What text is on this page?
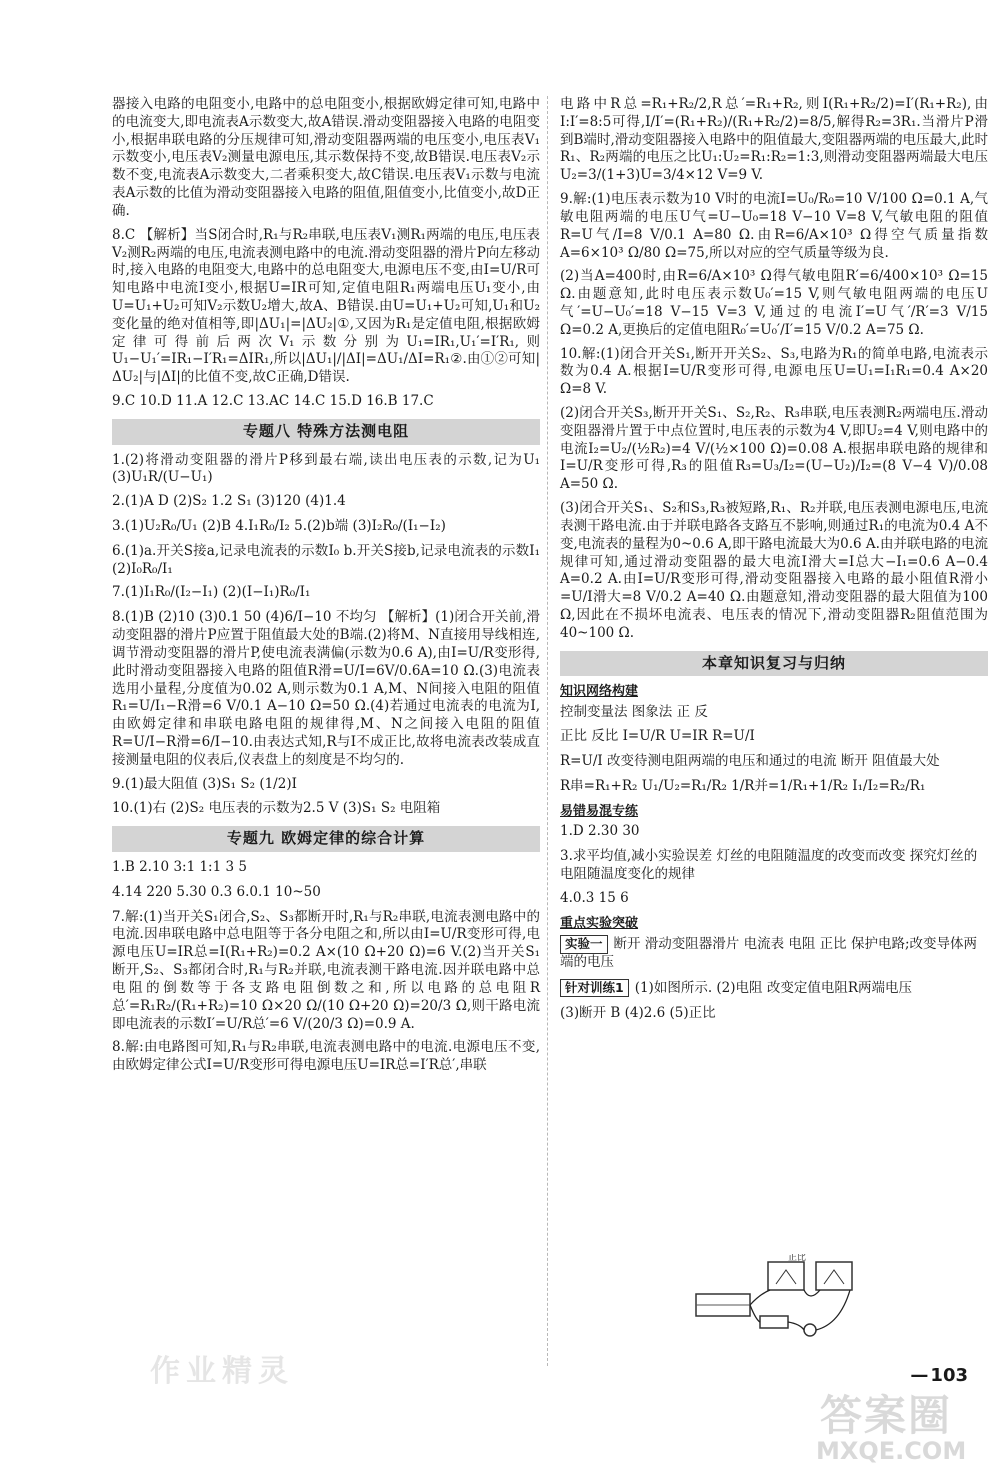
器接入电路的电阻变小,电路中的总电阻变小,根据欧姆定律可知,电路中的电流变大,即电流表A示数变大,故A错误.滑动变阻器接入电路的电阻变小,根据串联电路的分压规律可知,滑动变阻器两端的电压变小,电压表V₁示数变小,电压表V₂测量电源电压,其示数保持不变,故B错误.电压表V₂示数不变,电流表A示数变大,二者乘积变大,故C错误.电压表V₁示数与电流表A示数的比值为滑动变阻器接入电路的阻值,阻值变小,比值变小,故D正确.

8.C 【解析】当S闭合时,R₁与R₂串联,电压表V₁测R₁两端的电压,电压表V₂测R₂两端的电压,电流表测电路中的电流.滑动变阻器的滑片P向左移动时,接入电路的电阻变大,电路中的总电阻变大,电源电压不变,由I=U/R可知电路中电流I变小,根据U=IR可知,定值电阻R₁两端电压U₁变小,由U=U₁+U₂可知V₂示数U₂增大,故A、B错误.由U=U₁+U₂可知,U₁和U₂变化量的绝对值相等,即|ΔU₁|=|ΔU₂|①,又因为R₁是定值电阻,根据欧姆定律可得前后两次V₁示数分别为U₁=IR₁,U₁′=I′R₁,则U₁−U₁′=IR₁−I′R₁=ΔIR₁,所以|ΔU₁|/|ΔI|=ΔU₁/ΔI=R₁②.由①②可知|ΔU₂|与|ΔI|的比值不变,故C正确,D错误.

9.C 10.D 11.A 12.C 13.AC 14.C 15.D 16.B 17.C

专题八 特殊方法测电阻

1.(2)将滑动变阻器的滑片P移到最右端,读出电压表的示数,记为U₁ (3)U₁R/(U−U₁)

2.(1)A D (2)S₂ 1.2 S₁ (3)120 (4)1.4

3.(1)U₂R₀/U₁ (2)B 4.I₁R₀/I₂ 5.(2)b端 (3)I₂R₀/(I₁−I₂)

6.(1)a.开关S接a,记录电流表的示数I₀ b.开关S接b,记录电流表的示数I₁ (2)I₀R₀/I₁

7.(1)I₁R₀/(I₂−I₁) (2)(I−I₁)R₀/I₁

8.(1)B (2)10 (3)0.1 50 (4)6/I−10 不均匀 【解析】(1)闭合开关前,滑动变阻器的滑片P应置于阻值最大处的B端.(2)将M、N直接用导线相连,调节滑动变阻器的滑片P,使电流表满偏(示数为0.6 A),由I=U/R变形得,此时滑动变阻器接入电路的阻值R滑=U/I=6V/0.6A=10 Ω.(3)电流表选用小量程,分度值为0.02 A,则示数为0.1 A,M、N间接入电阻的阻值R₁=U/I₁−R滑=6 V/0.1 A−10 Ω=50 Ω.(4)若通过电流表的电流为I,由欧姆定律和串联电路电阻的规律得,M、N之间接入电阻的阻值R=U/I−R滑=6/I−10.由表达式知,R与I不成正比,故将电流表改装成直接测量电阻的仪表后,仪表盘上的刻度是不均匀的.

9.(1)最大阻值 (3)S₁ S₂ (1/2)I

10.(1)右 (2)S₂ 电压表的示数为2.5 V (3)S₁ S₂ 电阻箱

专题九 欧姆定律的综合计算

1.B 2.10 3:1 1:1 3 5

4.14 220 5.30 0.3 6.0.1 10~50

7.解:(1)当开关S₁闭合,S₂、S₃都断开时,R₁与R₂串联,电流表测电路中的电流.因串联电路中总电阻等于各分电阻之和,所以由I=U/R变形可得,电源电压U=IR总=I(R₁+R₂)=0.2 A×(10 Ω+20 Ω)=6 V.(2)当开关S₁断开,S₂、S₃都闭合时,R₁与R₂并联,电流表测干路电流.因并联电路中总电阻的倒数等于各支路电阻倒数之和,所以电路的总电阻R总′=R₁R₂/(R₁+R₂)=10 Ω×20 Ω/(10 Ω+20 Ω)=20/3 Ω,则干路电流即电流表的示数I′=U/R总′=6 V/(20/3 Ω)=0.9 A.

8.解:由电路图可知,R₁与R₂串联,电流表测电路中的电流.电源电压不变,由欧姆定律公式I=U/R变形可得电源电压U=IR总=I′R总′,串联

电路中R总=R₁+R₂/2,R总′=R₁+R₂,则I(R₁+R₂/2)=I′(R₁+R₂),由I:I′=8:5可得,I/I′=(R₁+R₂)/(R₁+R₂/2)=8/5,解得R₂=3R₁.当滑片P滑到B端时,滑动变阻器接入电路中的阻值最大,变阻器两端的电压最大,此时R₁、R₂两端的电压之比U₁:U₂=R₁:R₂=1:3,则滑动变阻器两端最大电压U₂=3/(1+3)U=3/4×12 V=9 V.

9.解:(1)电压表示数为10 V时的电流I=U₀/R₀=10 V/100 Ω=0.1 A,气敏电阻两端的电压U气=U−U₀=18 V−10 V=8 V,气敏电阻的阻值R=U气/I=8 V/0.1 A=80 Ω.由R=6/A×10³ Ω得空气质量指数A=6×10³ Ω/80 Ω=75,所以对应的空气质量等级为良.

(2)当A=400时,由R=6/A×10³ Ω得气敏电阻R′=6/400×10³ Ω=15 Ω.由题意知,此时电压表示数U₀′=15 V,则气敏电阻两端的电压U气′=U−U₀′=18 V−15 V=3 V,通过的电流I′=U气′/R′=3 V/15 Ω=0.2 A,更换后的定值电阻R₀′=U₀′/I′=15 V/0.2 A=75 Ω.

10.解:(1)闭合开关S₁,断开开关S₂、S₃,电路为R₁的简单电路,电流表示数为0.4 A.根据I=U/R变形可得,电源电压U=U₁=I₁R₁=0.4 A×20 Ω=8 V.

(2)闭合开关S₃,断开开关S₁、S₂,R₂、R₃串联,电压表测R₂两端电压.滑动变阻器滑片置于中点位置时,电压表的示数为4 V,即U₂=4 V,则电路中的电流I₂=U₂/(½R₂)=4 V/(½×100 Ω)=0.08 A.根据串联电路的规律和I=U/R变形可得,R₃的阻值R₃=U₃/I₂=(U−U₂)/I₂=(8 V−4 V)/0.08 A=50 Ω.

(3)闭合开关S₁、S₂和S₃,R₃被短路,R₁、R₂并联,电压表测电源电压,电流表测干路电流.由于并联电路各支路互不影响,则通过R₁的电流为0.4 A不变,电流表的量程为0~0.6 A,即干路电流最大为0.6 A.由并联电路的电流规律可知,通过滑动变阻器的最大电流I滑大=I总大−I₁=0.6 A−0.4 A=0.2 A.由I=U/R变形可得,滑动变阻器接入电路的最小阻值R滑小=U/I滑大=8 V/0.2 A=40 Ω.由题意知,滑动变阻器的最大阻值为100 Ω,因此在不损坏电流表、电压表的情况下,滑动变阻器R₂阻值范围为40~100 Ω.

本章知识复习与归纳
知识网络构建

控制变量法 图象法 正 反

正比 反比 I=U/R U=IR R=U/I

R=U/I 改变待测电阻两端的电压和通过的电流 断开 阻值最大处

R串=R₁+R₂ U₁/U₂=R₁/R₂ 1/R并=1/R₁+1/R₂ I₁/I₂=R₂/R₁

易错易混专练

1.D 2.30 30

3.求平均值,减小实验误差 灯丝的电阻随温度的改变而改变 探究灯丝的电阻随温度变化的规律

4.0.3 15 6

重点实验突破

实验一 断开 滑动变阻器滑片 电流表 电阻 正比 保护电路;改变导体两端的电压

针对训练1 (1)如图所示. (2)电阻 改变定值电阻R两端电压

(3)断开 B (4)2.6 (5)正比

正比
作业精灵
—	103
答案圈
MXQE.COM
